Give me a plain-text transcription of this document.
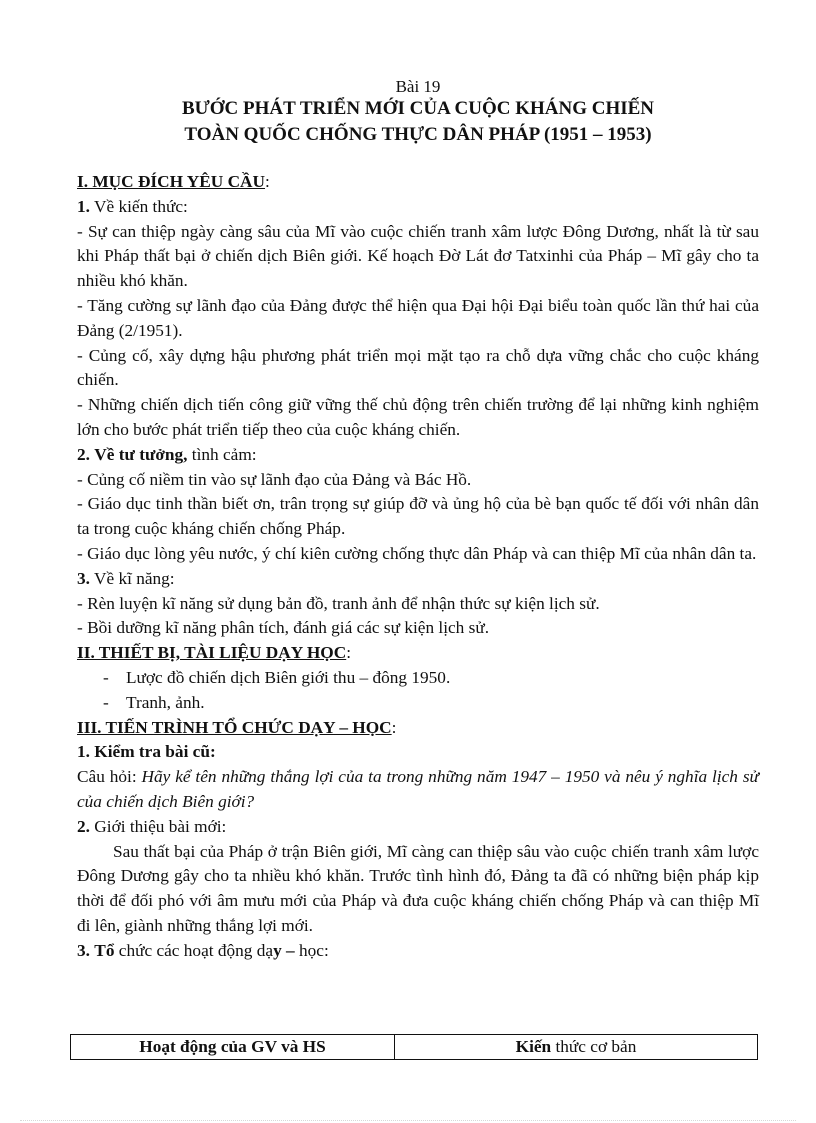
Bài 19
BƯỚC PHÁT TRIỂN MỚI CỦA CUỘC KHÁNG CHIẾN
TOÀN QUỐC CHỐNG THỰC DÂN PHÁP (1951 – 1953)
I. MỤC ĐÍCH YÊU CẦU:
1. Về kiến thức:

- Sự can thiệp ngày càng sâu của Mĩ vào cuộc chiến tranh xâm lược Đông Dương, nhất là từ sau khi Pháp thất bại ở chiến dịch Biên giới. Kế hoạch Đờ Lát đơ Tatxinhi của Pháp – Mĩ gây cho ta nhiều khó khăn.

- Tăng cường sự lãnh đạo của Đảng được thể hiện qua Đại hội Đại biểu toàn quốc lần thứ hai của Đảng (2/1951).

- Củng cố, xây dựng hậu phương phát triển mọi mặt tạo ra chỗ dựa vững chắc cho cuộc kháng chiến.

- Những chiến dịch tiến công giữ vững thế chủ động trên chiến trường để lại những kinh nghiệm lớn cho bước phát triển tiếp theo của cuộc kháng chiến.

2. Về tư tưởng, tình cảm:

- Củng cố niềm tin vào sự lãnh đạo của Đảng và Bác Hồ.

- Giáo dục tinh thần biết ơn, trân trọng sự giúp đỡ và ủng hộ của bè bạn quốc tế đối với nhân dân ta trong cuộc kháng chiến chống Pháp.

- Giáo dục lòng yêu nước, ý chí kiên cường chống thực dân Pháp và can thiệp Mĩ của nhân dân ta.

3. Về kĩ năng:

- Rèn luyện kĩ năng sử dụng bản đồ, tranh ảnh để nhận thức sự kiện lịch sử.

- Bồi dưỡng kĩ năng phân tích, đánh giá các sự kiện lịch sử.

II. THIẾT BỊ, TÀI LIỆU DẠY HỌC:
- Lược đồ chiến dịch Biên giới thu – đông 1950.
- Tranh, ảnh.
III. TIẾN TRÌNH TỔ CHỨC DẠY – HỌC:
1. Kiểm tra bài cũ:

Câu hỏi: Hãy kể tên những thắng lợi của ta trong những năm 1947 – 1950 và nêu ý nghĩa lịch sử của chiến dịch Biên giới?

2. Giới thiệu bài mới:

Sau thất bại của Pháp ở trận Biên giới, Mĩ càng can thiệp sâu vào cuộc chiến tranh xâm lược Đông Dương gây cho ta nhiều khó khăn. Trước tình hình đó, Đảng ta đã có những biện pháp kịp thời để đối phó với âm mưu mới của Pháp và đưa cuộc kháng chiến chống Pháp và can thiệp Mĩ đi lên, giành những thắng lợi mới.

3. Tổ chức các hoạt động dạy – học:
Hoạt động của GV và HS	Kiến thức cơ bản
